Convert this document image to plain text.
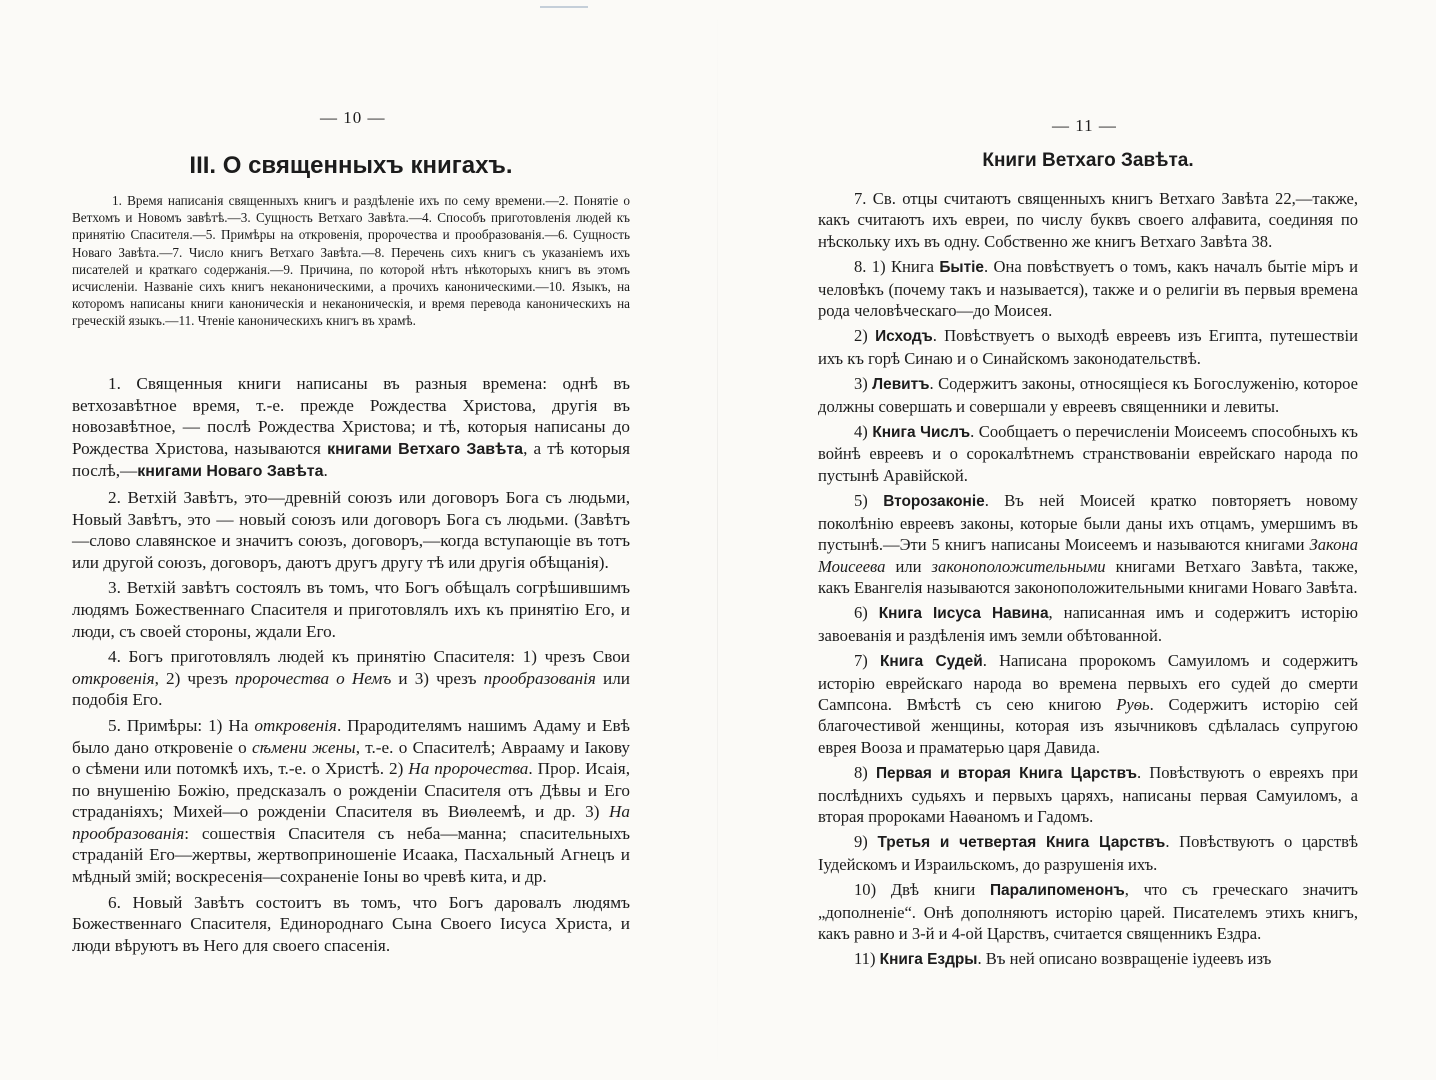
— 10 —
III. О священныхъ книгахъ.

1. Время написанія священныхъ книгъ и раздѣленіе ихъ по сему времени.—2. Понятіе о Ветхомъ и Новомъ завѣтѣ.—3. Сущность Ветхаго Завѣта.—4. Способъ приготовленія людей къ принятію Спасителя.—5. Примѣры на откровенія, пророчества и прообразованія.—6. Сущность Новаго Завѣта.—7. Число книгъ Ветхаго Завѣта.—8. Перечень сихъ книгъ съ указаніемъ ихъ писателей и краткаго содержанія.—9. Причина, по которой нѣтъ нѣкоторыхъ книгъ въ этомъ исчисленіи. Названіе сихъ книгъ неканоническими, а прочихъ каноническими.—10. Языкъ, на которомъ написаны книги каноническія и неканоническія, и время перевода каноническихъ на греческій языкъ.—11. Чтеніе каноническихъ книгъ въ храмѣ.

1. Священныя книги написаны въ разныя времена: однѣ въ ветхозавѣтное время, т.-е. прежде Рождества Христова, другія въ новозавѣтное, — послѣ Рождества Христова; и тѣ, которыя написаны до Рождества Христова, называются книгами Ветхаго Завѣта, а тѣ которыя послѣ,—книгами Новаго Завѣта.

2. Ветхій Завѣтъ, это—древній союзъ или договоръ Бога съ людьми, Новый Завѣтъ, это — новый союзъ или договоръ Бога съ людьми. (Завѣтъ—слово славянское и значитъ союзъ, договоръ,—когда вступающіе въ тотъ или другой союзъ, договоръ, даютъ другъ другу тѣ или другія обѣщанія).

3. Ветхій завѣтъ состоялъ въ томъ, что Богъ обѣщалъ согрѣшившимъ людямъ Божественнаго Спасителя и приготовлялъ ихъ къ принятію Его, и люди, съ своей стороны, ждали Его.

4. Богъ приготовлялъ людей къ принятію Спасителя: 1) чрезъ Свои откровенія, 2) чрезъ пророчества о Немъ и 3) чрезъ прообразованія или подобія Его.

5. Примѣры: 1) На откровенія. Прародителямъ нашимъ Адаму и Евѣ было дано откровеніе о сѣмени жены, т.-е. о Спасителѣ; Аврааму и Іакову о сѣмени или потомкѣ ихъ, т.-е. о Христѣ. 2) На пророчества. Прор. Исаія, по внушенію Божію, предсказалъ о рожденіи Спасителя отъ Дѣвы и Его страданіяхъ; Михей—о рожденіи Спасителя въ Виѳлеемѣ, и др. 3) На прообразованія: сошествія Спасителя съ неба—манна; спасительныхъ страданій Его—жертвы, жертвоприношеніе Исаака, Пасхальный Агнецъ и мѣдный змій; воскресенія—сохраненіе Іоны во чревѣ кита, и др.

6. Новый Завѣтъ состоитъ въ томъ, что Богъ даровалъ людямъ Божественнаго Спасителя, Единороднаго Сына Своего Іисуса Христа, и люди вѣруютъ въ Него для своего спасенія.

— 11 —
Книги Ветхаго Завѣта.

7. Св. отцы считаютъ священныхъ книгъ Ветхаго Завѣта 22,—также, какъ считаютъ ихъ евреи, по числу буквъ своего алфавита, соединяя по нѣскольку ихъ въ одну. Собственно же книгъ Ветхаго Завѣта 38.

8. 1) Книга Бытіе. Она повѣствуетъ о томъ, какъ началъ бытіе міръ и человѣкъ (почему такъ и называется), также и о религіи въ первыя времена рода человѣческаго—до Моисея.

2) Исходъ. Повѣствуетъ о выходѣ евреевъ изъ Египта, путешествіи ихъ къ горѣ Синаю и о Синайскомъ законодательствѣ.

3) Левитъ. Содержитъ законы, относящіеся къ Богослуженію, которое должны совершать и совершали у евреевъ священники и левиты.

4) Книга Числъ. Сообщаетъ о перечисленіи Моисеемъ способныхъ къ войнѣ евреевъ и о сорокалѣтнемъ странствованіи еврейскаго народа по пустынѣ Аравійской.

5) Второзаконіе. Въ ней Моисей кратко повторяетъ новому поколѣнію евреевъ законы, которые были даны ихъ отцамъ, умершимъ въ пустынѣ.—Эти 5 книгъ написаны Моисеемъ и называются книгами Закона Моисеева или законоположительными книгами Ветхаго Завѣта, также, какъ Евангелія называются законоположительными книгами Новаго Завѣта.

6) Книга Іисуса Навина, написанная имъ и содержитъ исторію завоеванія и раздѣленія имъ земли обѣтованной.

7) Книга Судей. Написана пророкомъ Самуиломъ и содержитъ исторію еврейскаго народа во времена первыхъ его судей до смерти Сампсона. Вмѣстѣ съ сею книгою Руѳь. Содержитъ исторію сей благочестивой женщины, которая изъ язычниковъ сдѣлалась супругою еврея Вооза и праматерью царя Давида.

8) Первая и вторая Книга Царствъ. Повѣствуютъ о евреяхъ при послѣднихъ судьяхъ и первыхъ царяхъ, написаны первая Самуиломъ, а вторая пророками Наѳаномъ и Гадомъ.

9) Третья и четвертая Книга Царствъ. Повѣствуютъ о царствѣ Іудейскомъ и Израильскомъ, до разрушенія ихъ.

10) Двѣ книги Паралипоменонъ, что съ греческаго значитъ „дополненіе“. Онѣ дополняютъ исторію царей. Писателемъ этихъ книгъ, какъ равно и 3-й и 4-ой Царствъ, считается священникъ Ездра.

11) Книга Ездры. Въ ней описано возвращеніе іудеевъ изъ
